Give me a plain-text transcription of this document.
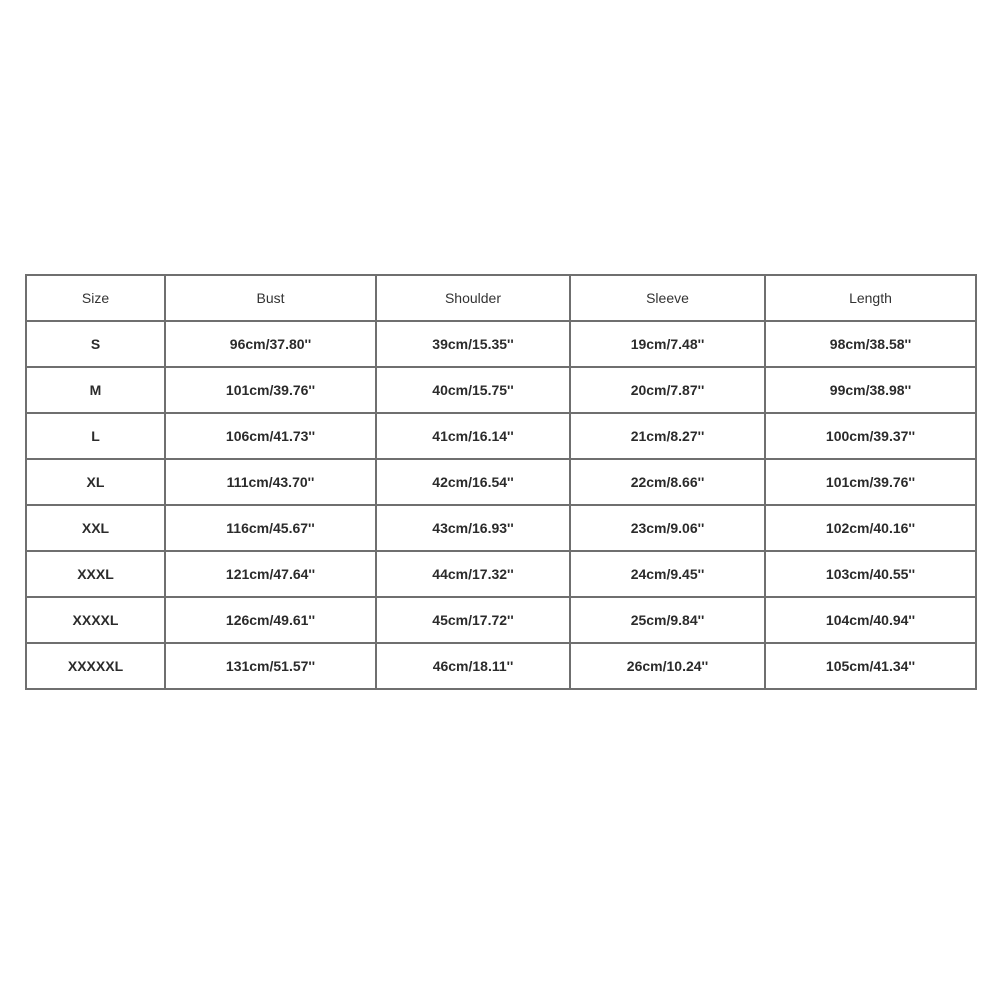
Size	Bust	Shoulder	Sleeve	Length
S	96cm/37.80''	39cm/15.35''	19cm/7.48''	98cm/38.58''
M	101cm/39.76''	40cm/15.75''	20cm/7.87''	99cm/38.98''
L	106cm/41.73''	41cm/16.14''	21cm/8.27''	100cm/39.37''
XL	111cm/43.70''	42cm/16.54''	22cm/8.66''	101cm/39.76''
XXL	116cm/45.67''	43cm/16.93''	23cm/9.06''	102cm/40.16''
XXXL	121cm/47.64''	44cm/17.32''	24cm/9.45''	103cm/40.55''
XXXXL	126cm/49.61''	45cm/17.72''	25cm/9.84''	104cm/40.94''
XXXXXL	131cm/51.57''	46cm/18.11''	26cm/10.24''	105cm/41.34''
